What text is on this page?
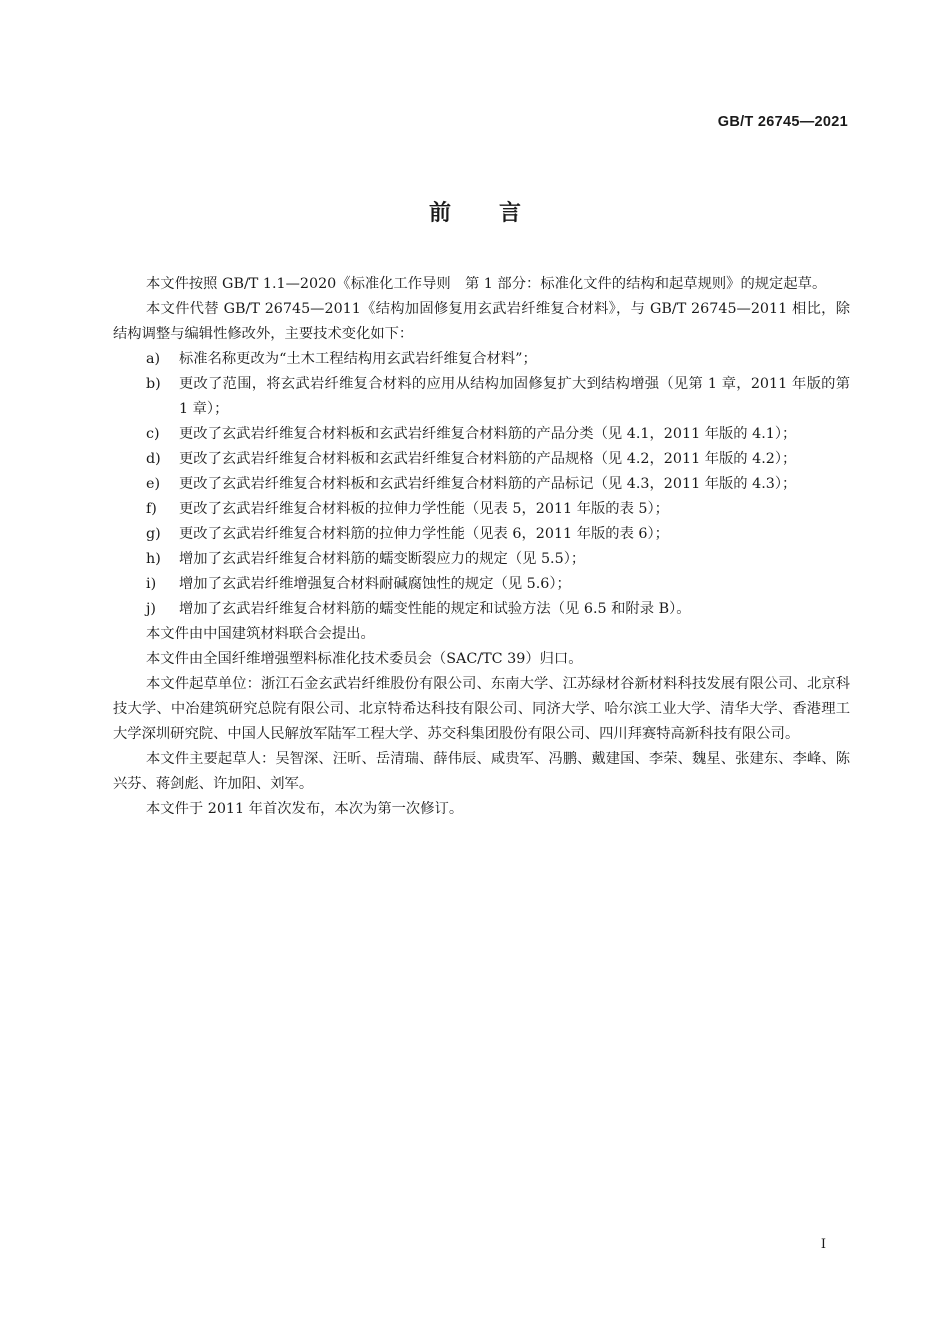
GB/T 26745—2021
前言

本文件按照 GB/T 1.1—2020《标准化工作导则　第 1 部分：标准化文件的结构和起草规则》的规定起草。

本文件代替 GB/T 26745—2011《结构加固修复用玄武岩纤维复合材料》，与 GB/T 26745—2011 相比，除结构调整与编辑性修改外，主要技术变化如下：

a) 标准名称更改为“土木工程结构用玄武岩纤维复合材料”；

b) 更改了范围，将玄武岩纤维复合材料的应用从结构加固修复扩大到结构增强（见第 1 章，2011 年版的第 1 章）；

c) 更改了玄武岩纤维复合材料板和玄武岩纤维复合材料筋的产品分类（见 4.1，2011 年版的 4.1）；

d) 更改了玄武岩纤维复合材料板和玄武岩纤维复合材料筋的产品规格（见 4.2，2011 年版的 4.2）；

e) 更改了玄武岩纤维复合材料板和玄武岩纤维复合材料筋的产品标记（见 4.3，2011 年版的 4.3）；

f) 更改了玄武岩纤维复合材料板的拉伸力学性能（见表 5，2011 年版的表 5）；

g) 更改了玄武岩纤维复合材料筋的拉伸力学性能（见表 6，2011 年版的表 6）；

h) 增加了玄武岩纤维复合材料筋的蠕变断裂应力的规定（见 5.5）；

i) 增加了玄武岩纤维增强复合材料耐碱腐蚀性的规定（见 5.6）；

j) 增加了玄武岩纤维复合材料筋的蠕变性能的规定和试验方法（见 6.5 和附录 B）。

本文件由中国建筑材料联合会提出。

本文件由全国纤维增强塑料标准化技术委员会（SAC/TC 39）归口。

本文件起草单位：浙江石金玄武岩纤维股份有限公司、东南大学、江苏绿材谷新材料科技发展有限公司、北京科技大学、中冶建筑研究总院有限公司、北京特希达科技有限公司、同济大学、哈尔滨工业大学、清华大学、香港理工大学深圳研究院、中国人民解放军陆军工程大学、苏交科集团股份有限公司、四川拜赛特高新科技有限公司。

本文件主要起草人：吴智深、汪昕、岳清瑞、薛伟辰、咸贵军、冯鹏、戴建国、李荣、魏星、张建东、李峰、陈兴芬、蒋剑彪、许加阳、刘军。

本文件于 2011 年首次发布，本次为第一次修订。

I
